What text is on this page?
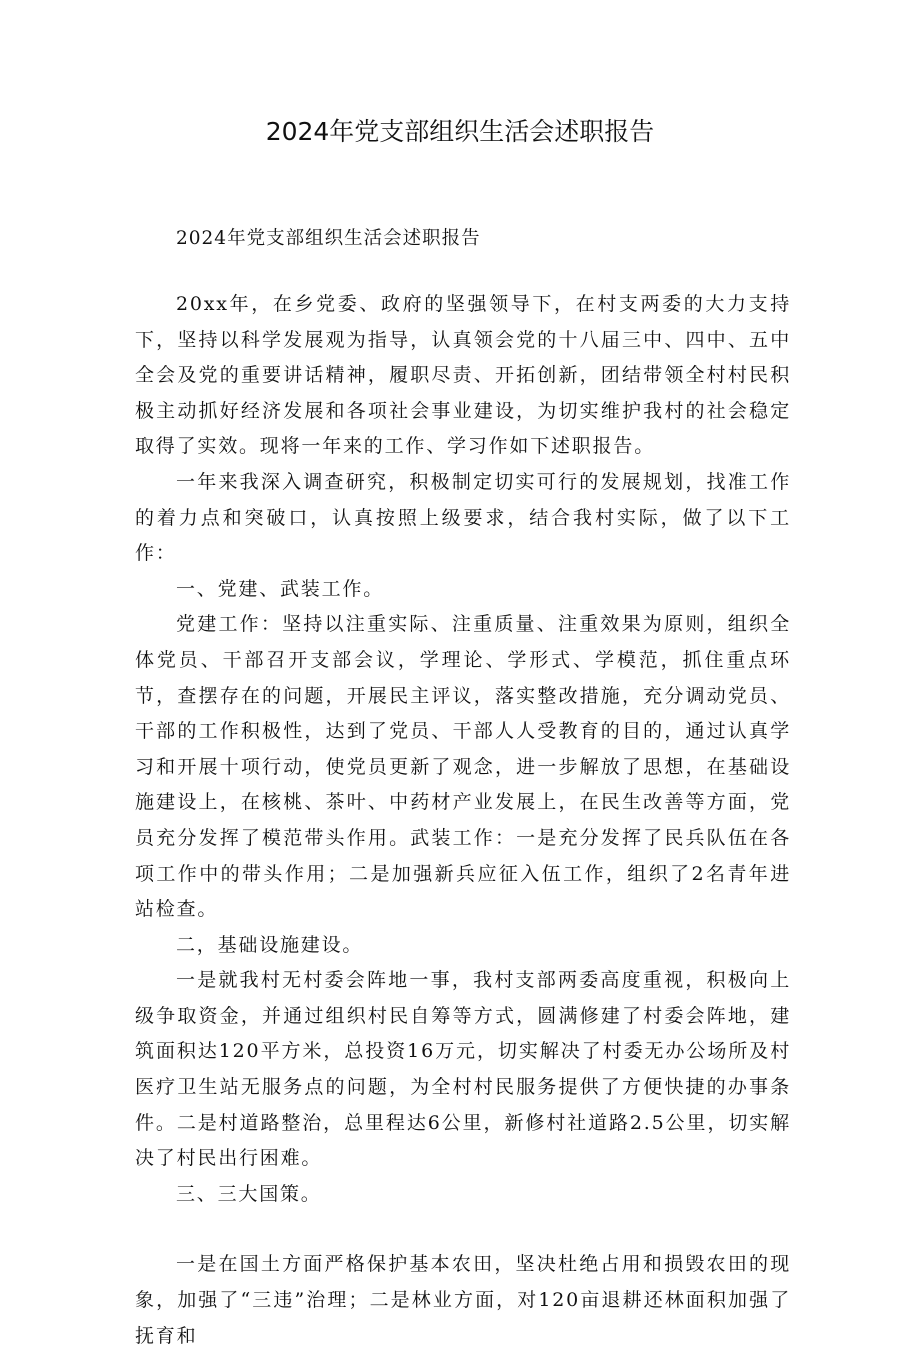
2024年党支部组织生活会述职报告
2024年党支部组织生活会述职报告

20xx年，在乡党委、政府的坚强领导下，在村支两委的大力支持下，坚持以科学发展观为指导，认真领会党的十八届三中、四中、五中全会及党的重要讲话精神，履职尽责、开拓创新，团结带领全村村民积极主动抓好经济发展和各项社会事业建设，为切实维护我村的社会稳定取得了实效。现将一年来的工作、学习作如下述职报告。

一年来我深入调查研究，积极制定切实可行的发展规划，找准工作的着力点和突破口，认真按照上级要求，结合我村实际，做了以下工作：

一、党建、武装工作。

党建工作：坚持以注重实际、注重质量、注重效果为原则，组织全体党员、干部召开支部会议，学理论、学形式、学模范，抓住重点环节，查摆存在的问题，开展民主评议，落实整改措施，充分调动党员、干部的工作积极性，达到了党员、干部人人受教育的目的，通过认真学习和开展十项行动，使党员更新了观念，进一步解放了思想，在基础设施建设上，在核桃、茶叶、中药材产业发展上，在民生改善等方面，党员充分发挥了模范带头作用。武装工作：一是充分发挥了民兵队伍在各项工作中的带头作用；二是加强新兵应征入伍工作，组织了2名青年进站检查。

二，基础设施建设。

一是就我村无村委会阵地一事，我村支部两委高度重视，积极向上级争取资金，并通过组织村民自筹等方式，圆满修建了村委会阵地，建筑面积达120平方米，总投资16万元，切实解决了村委无办公场所及村医疗卫生站无服务点的问题，为全村村民服务提供了方便快捷的办事条件。二是村道路整治，总里程达6公里，新修村社道路2.5公里，切实解决了村民出行困难。

三、三大国策。

一是在国土方面严格保护基本农田，坚决杜绝占用和损毁农田的现象，加强了“三违”治理；二是林业方面，对120亩退耕还林面积加强了抚育和
